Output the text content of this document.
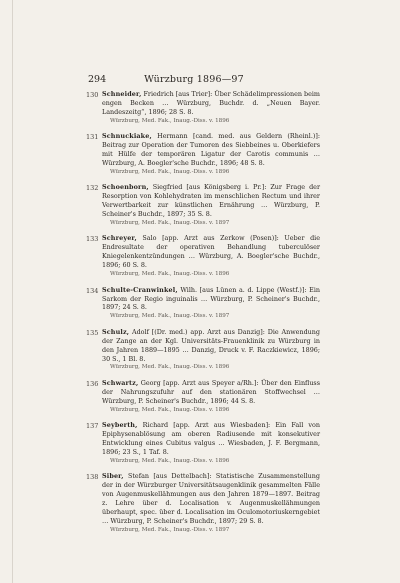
294	Würzburg 1896—97
130 Schneider, Friedrich [aus Trier]: Über Schädelimpressionen beim engen Becken … Würzburg, Buchdr. d. „Neuen Bayer. Landeszeitg“, 1896; 28 S. 8.
Würzburg, Med. Fak., Inaug.-Diss. v. 1896
131 Schnuckiake, Hermann [cand. med. aus Geldern (Rheinl.)]: Beitrag zur Operation der Tumoren des Siebbeines u. Oberkiefers mit Hülfe der temporären Ligatur der Carotis communis … Würzburg, A. Boegler'sche Buchdr., 1896; 48 S. 8.
Würzburg, Med. Fak., Inaug.-Diss. v. 1896
132 Schoenborn, Siegfried [aus Königsberg i. Pr.]: Zur Frage der Resorption von Kohlehydraten im menschlichen Rectum und ihrer Verwertbarkeit zur künstlichen Ernährung … Würzburg, P. Scheiner's Buchdr., 1897; 35 S. 8.
Würzburg, Med. Fak., Inaug.-Diss. v. 1897
133 Schreyer, Salo [app. Arzt aus Zerkow (Posen)]: Ueber die Endresultate der operativen Behandlung tuberculöser Kniegelenkentzündungen … Würzburg, A. Boegler'sche Buchdr., 1896; 60 S. 8.
Würzburg, Med. Fak., Inaug.-Diss. v. 1896
134 Schulte-Cranwinkel, Wilh. [aus Lünen a. d. Lippe (Westf.)]: Ein Sarkom der Regio inguinalis … Würzburg, P. Scheiner's Buchdr., 1897; 24 S. 8.
Würzburg, Med. Fak., Inaug.-Diss. v. 1897
135 Schulz, Adolf [(Dr. med.) app. Arzt aus Danzig]: Die Anwendung der Zange an der Kgl. Universitäts-Frauenklinik zu Würzburg in den Jahren 1889—1895 … Danzig, Druck v. F. Raczkiewicz, 1896; 30 S., 1 Bl. 8.
Würzburg, Med. Fak., Inaug.-Diss. v. 1896
136 Schwartz, Georg [app. Arzt aus Speyer a/Rh.]: Über den Einfluss der Nahrungszufuhr auf den stationären Stoffwechsel … Würzburg, P. Scheiner's Buchdr., 1896; 44 S. 8.
Würzburg, Med. Fak., Inaug.-Diss. v. 1896
137 Seyberth, Richard [app. Arzt aus Wiesbaden]: Ein Fall von Epiphysenablösung am oberen Radiusende mit konsekutiver Entwicklung eines Cubitus valgus … Wiesbaden, J. F. Bergmann, 1896; 23 S., 1 Taf. 8.
Würzburg, Med. Fak., Inaug.-Diss. v. 1896
138 Siber, Stefan [aus Dettelbach]: Statistische Zusammenstellung der in der Würzburger Universitätsaugenklinik gesammelten Fälle von Augenmuskellähmungen aus den Jahren 1879—1897. Beitrag z. Lehre über d. Localisation v. Augenmuskellähmungen überhaupt, spec. über d. Localisation im Oculomotoriuskerngebiet … Würzburg, P. Scheiner's Buchdr., 1897; 29 S. 8.
Würzburg, Med. Fak., Inaug.-Diss. v. 1897
